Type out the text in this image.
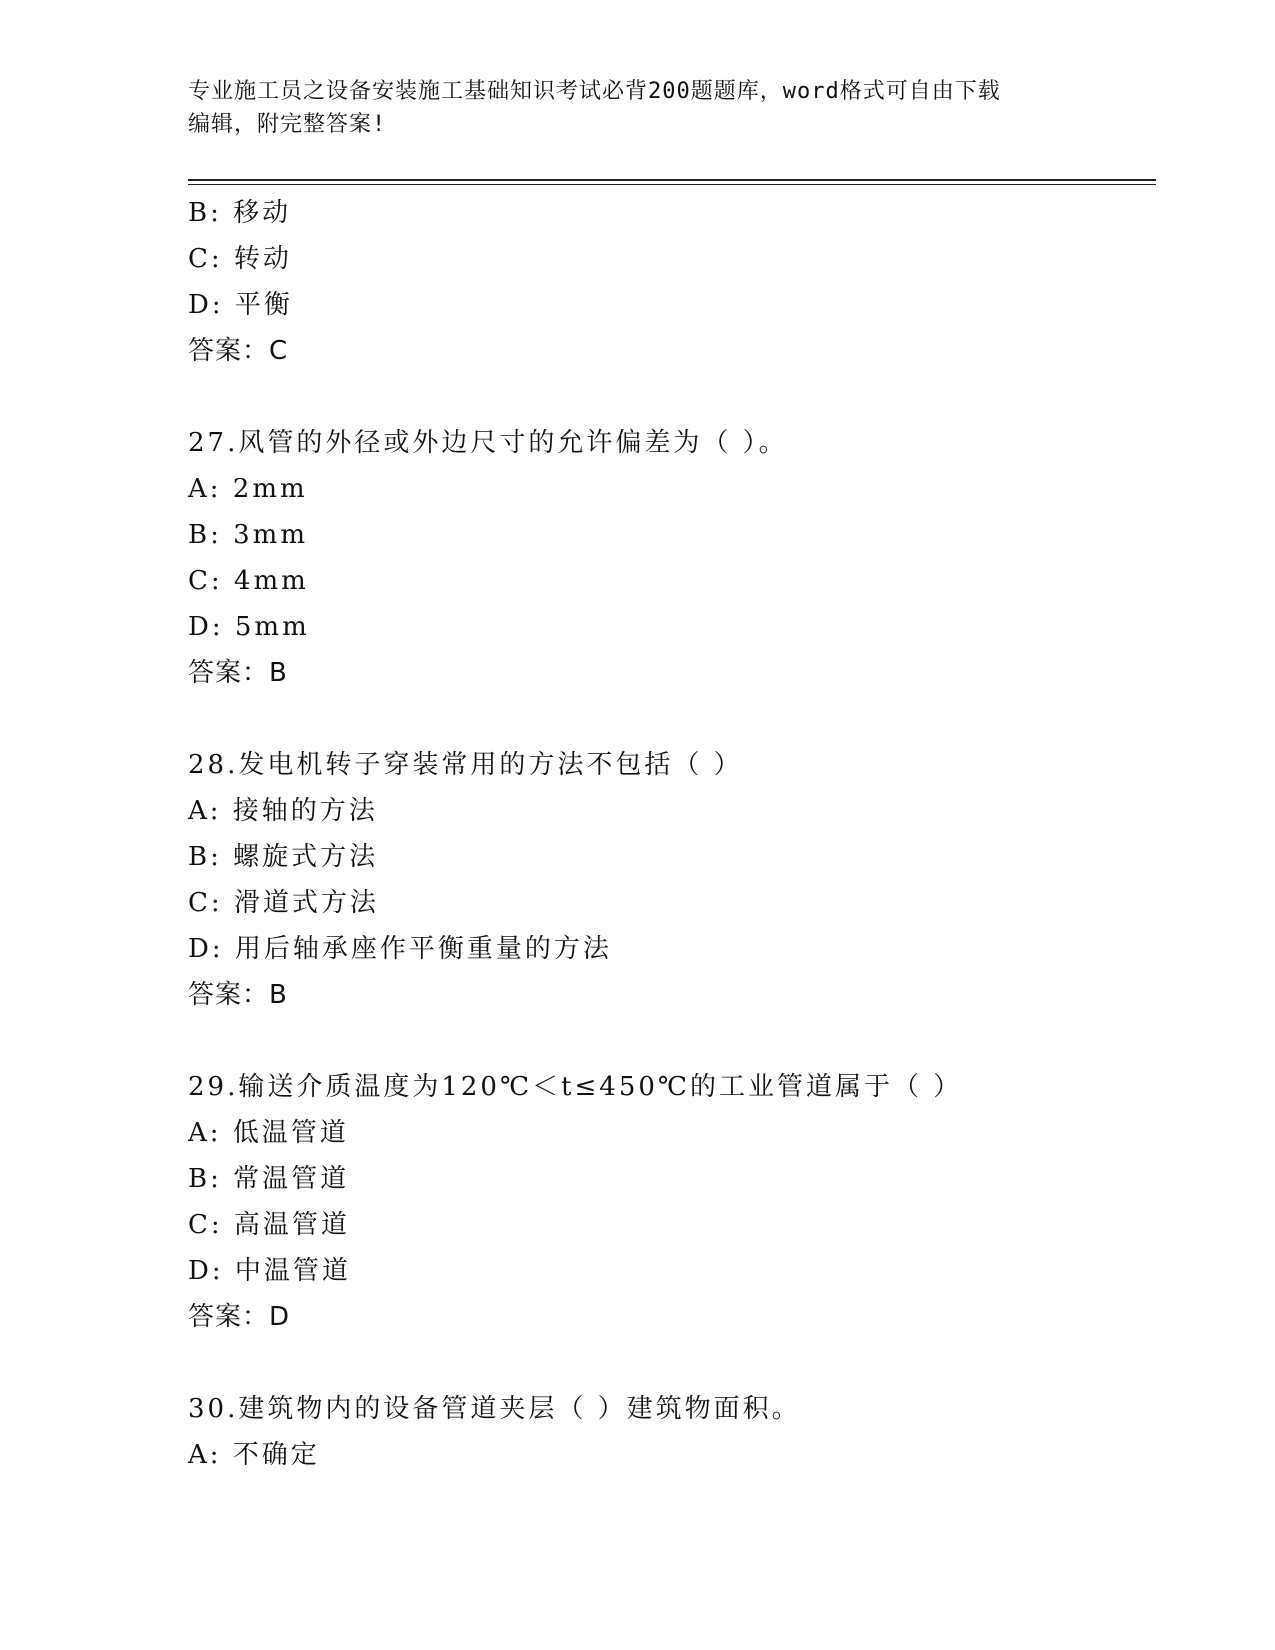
专业施工员之设备安装施工基础知识考试必背200题题库，word格式可自由下载
编辑，附完整答案!
B: 移动
C: 转动
D: 平衡
答案：C
27.风管的外径或外边尺寸的允许偏差为（ ）。
A: 2mm
B: 3mm
C: 4mm
D: 5mm
答案：B
28.发电机转子穿装常用的方法不包括（ ）
A: 接轴的方法
B: 螺旋式方法
C: 滑道式方法
D: 用后轴承座作平衡重量的方法
答案：B
29.输送介质温度为120℃＜t≤450℃的工业管道属于（ ）
A: 低温管道
B: 常温管道
C: 高温管道
D: 中温管道
答案：D
30.建筑物内的设备管道夹层（ ）建筑物面积。
A: 不确定
